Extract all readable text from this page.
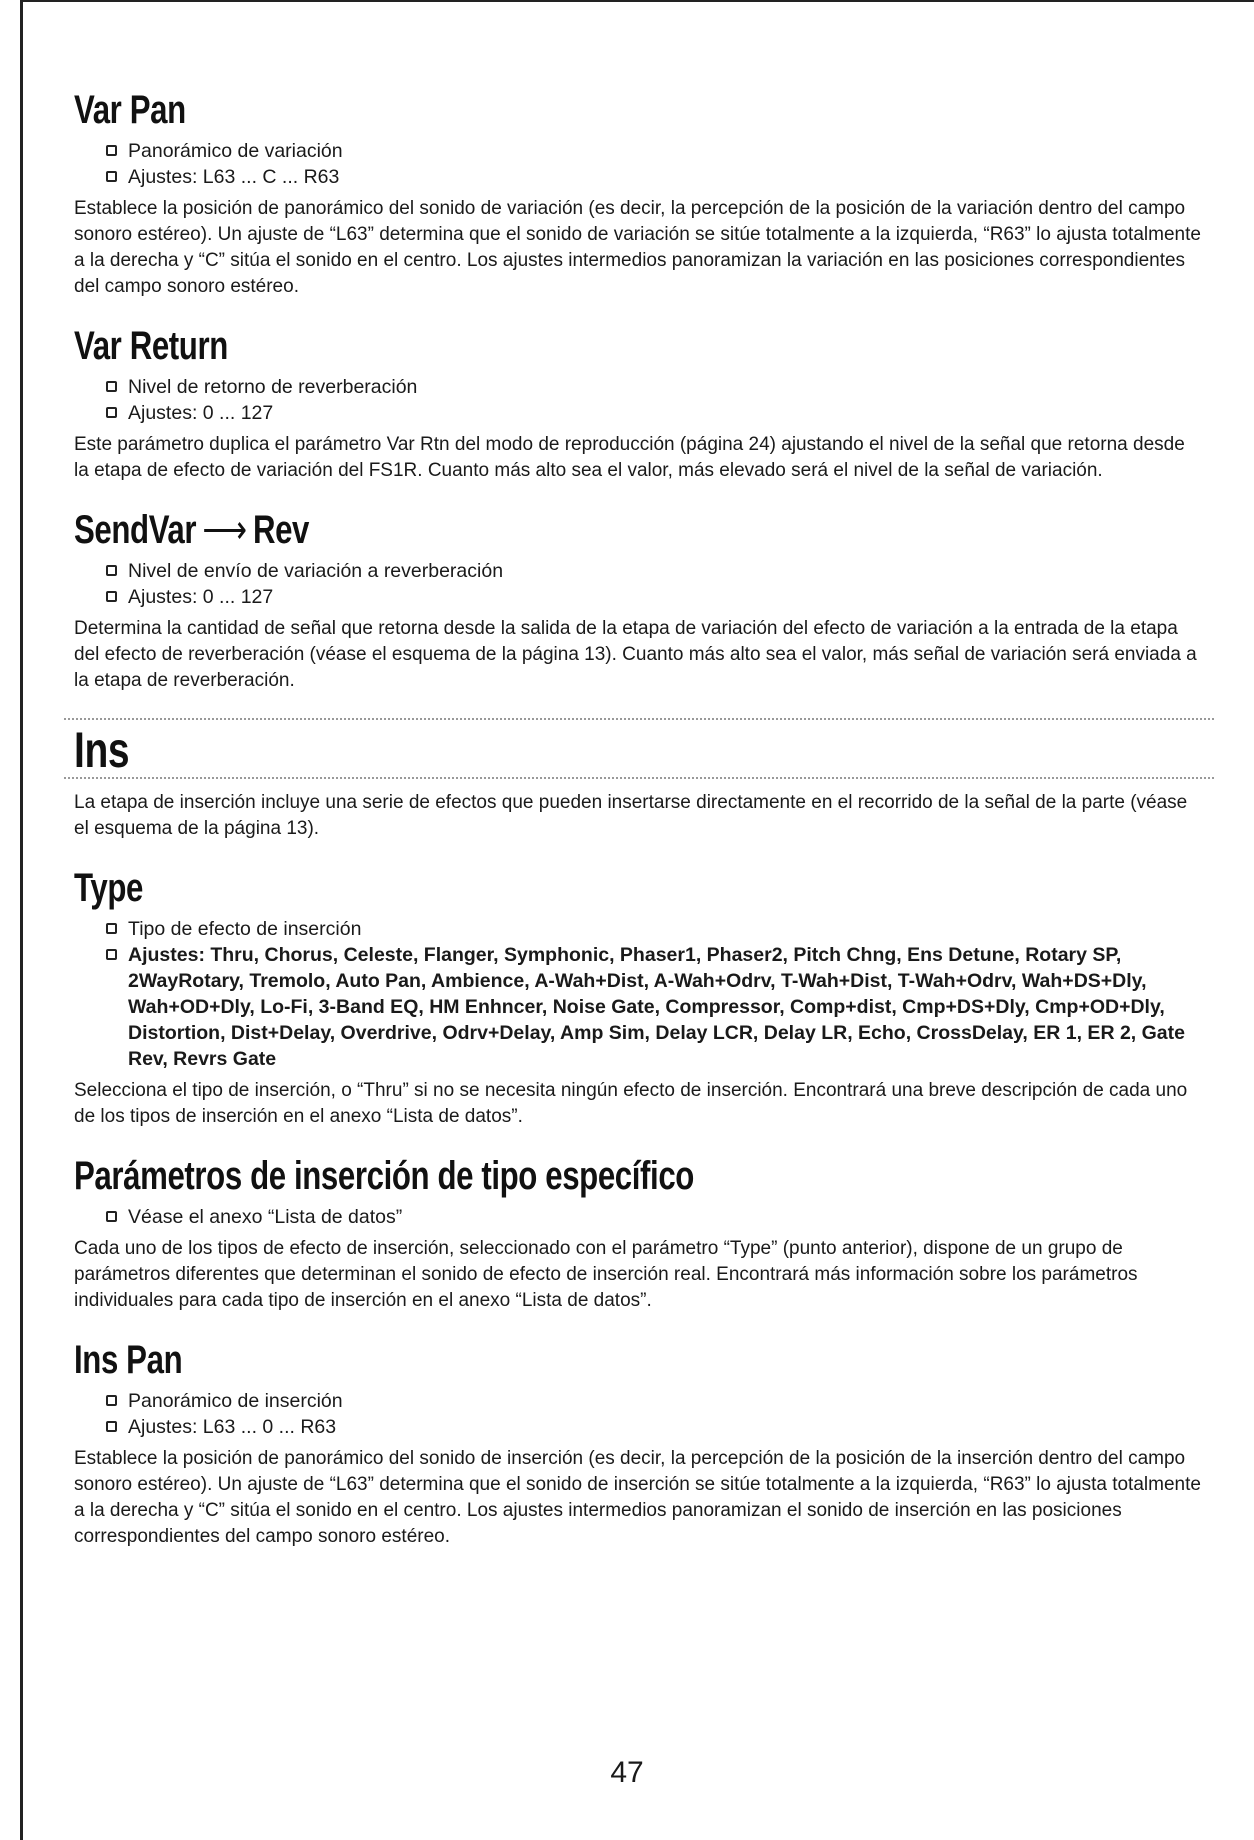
Var Pan
Panorámico de variación
Ajustes: L63 ... C ... R63

Establece la posición de panorámico del sonido de variación (es decir, la percepción de la posición de la variación dentro del campo sonoro estéreo). Un ajuste de “L63” determina que el sonido de variación se sitúe totalmente a la izquierda, “R63” lo ajusta totalmente a la derecha y “C” sitúa el sonido en el centro. Los ajustes intermedios panoramizan la variación en las posiciones correspondientes del campo sonoro estéreo.

Var Return
Nivel de retorno de reverberación
Ajustes: 0 ... 127

Este parámetro duplica el parámetro Var Rtn del modo de reproducción (página 24) ajustando el nivel de la señal que retorna desde la etapa de efecto de variación del FS1R. Cuanto más alto sea el valor, más elevado será el nivel de la señal de variación.

SendVar ⟶ Rev
Nivel de envío de variación a reverberación
Ajustes: 0 ... 127

Determina la cantidad de señal que retorna desde la salida de la etapa de variación del efecto de variación a la entrada de la etapa del efecto de reverberación (véase el esquema de la página 13). Cuanto más alto sea el valor, más señal de variación será enviada a la etapa de reverberación.

Ins

La etapa de inserción incluye una serie de efectos que pueden insertarse directamente en el recorrido de la señal de la parte (véase el esquema de la página 13).

Type
Tipo de efecto de inserción
Ajustes: Thru, Chorus, Celeste, Flanger, Symphonic, Phaser1, Phaser2, Pitch Chng, Ens Detune, Rotary SP, 2WayRotary, Tremolo, Auto Pan, Ambience, A-Wah+Dist, A-Wah+Odrv, T-Wah+Dist, T-Wah+Odrv, Wah+DS+Dly, Wah+OD+Dly, Lo-Fi, 3-Band EQ, HM Enhncer, Noise Gate, Compressor, Comp+dist, Cmp+DS+Dly, Cmp+OD+Dly, Distortion, Dist+Delay, Overdrive, Odrv+Delay, Amp Sim, Delay LCR, Delay LR, Echo, CrossDelay, ER 1, ER 2, Gate Rev, Revrs Gate

Selecciona el tipo de inserción, o “Thru” si no se necesita ningún efecto de inserción. Encontrará una breve descripción de cada uno de los tipos de inserción en el anexo “Lista de datos”.

Parámetros de inserción de tipo específico
Véase el anexo “Lista de datos”

Cada uno de los tipos de efecto de inserción, seleccionado con el parámetro “Type” (punto anterior), dispone de un grupo de parámetros diferentes que determinan el sonido de efecto de inserción real. Encontrará más información sobre los parámetros individuales para cada tipo de inserción en el anexo “Lista de datos”.

Ins Pan
Panorámico de inserción
Ajustes: L63 ... 0 ... R63

Establece la posición de panorámico del sonido de inserción (es decir, la percepción de la posición de la inserción dentro del campo sonoro estéreo). Un ajuste de “L63” determina que el sonido de inserción se sitúe totalmente a la izquierda, “R63” lo ajusta totalmente a la derecha y “C” sitúa el sonido en el centro. Los ajustes intermedios panoramizan el sonido de inserción en las posiciones correspondientes del campo sonoro estéreo.

47
